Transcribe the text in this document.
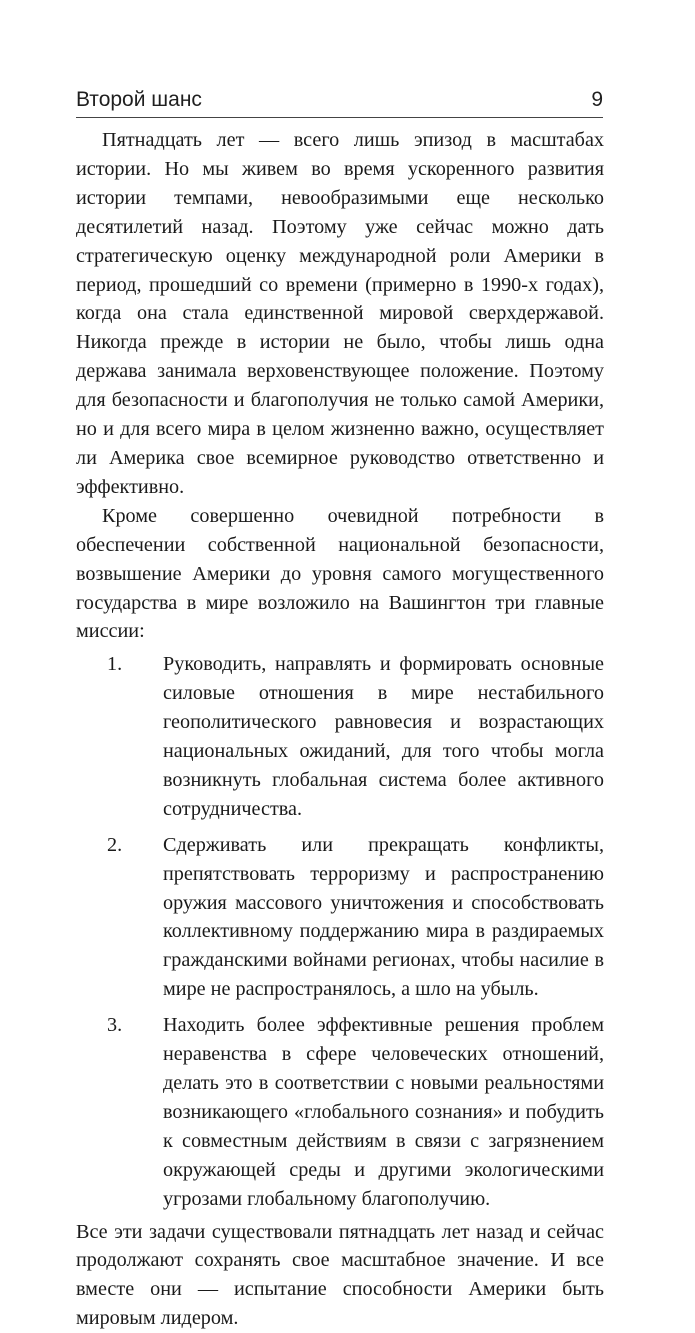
Второй шанс	9

Пятнадцать лет — всего лишь эпизод в масштабах истории. Но мы живем во время ускоренного развития истории темпами, невообразимыми еще несколько десятилетий назад. Поэтому уже сейчас можно дать стратегическую оценку международной роли Америки в период, прошедший со времени (примерно в 1990-х годах), когда она стала единственной мировой сверхдержавой. Никогда прежде в истории не было, чтобы лишь одна держава занимала верховенствующее положение. Поэтому для безопасности и благополучия не только самой Америки, но и для всего мира в целом жизненно важно, осуществляет ли Америка свое всемирное руководство ответственно и эффективно.

Кроме совершенно очевидной потребности в обеспечении собственной национальной безопасности, возвышение Америки до уровня самого могущественного государства в мире возложило на Вашингтон три главные миссии:

1. Руководить, направлять и формировать основные силовые отношения в мире нестабильного геополитического равновесия и возрастающих национальных ожиданий, для того чтобы могла возникнуть глобальная система более активного сотрудничества.
2. Сдерживать или прекращать конфликты, препятствовать терроризму и распространению оружия массового уничтожения и способствовать коллективному поддержанию мира в раздираемых гражданскими войнами регионах, чтобы насилие в мире не распространялось, а шло на убыль.
3. Находить более эффективные решения проблем неравенства в сфере человеческих отношений, делать это в соответствии с новыми реальностями возникающего «глобального сознания» и побудить к совместным действиям в связи с загрязнением окружающей среды и другими экологическими угрозами глобальному благополучию.

Все эти задачи существовали пятнадцать лет назад и сейчас продолжают сохранять свое масштабное значение. И все вместе они — испытание способности Америки быть мировым лидером.
